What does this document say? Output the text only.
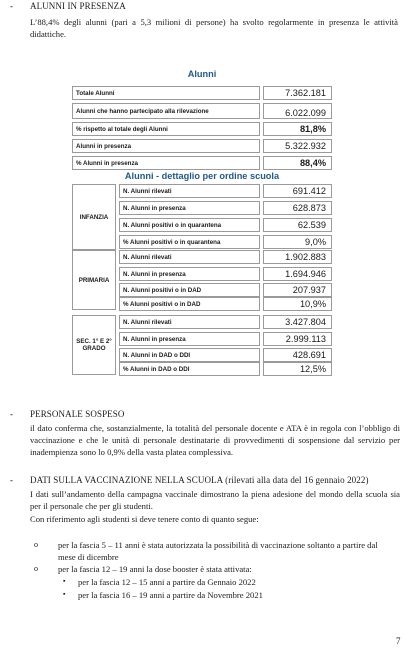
- ALUNNI IN PRESENZA
L’88,4% degli alunni (pari a 5,3 milioni di persone) ha svolto regolarmente in presenza le attività didattiche.
Alunni
Totale Alunni	7.362.181
Alunni che hanno partecipato alla rilevazione	6.022.099
% rispetto al totale degli Alunni	81,8%
Alunni in presenza	5.322.932
% Alunni in presenza	88,4%
Alunni - dettaglio per ordine scuola
INFANZIA
N. Alunni rilevati	691.412
N. Alunni in presenza	628.873
N. Alunni positivi o in quarantena	62.539
% Alunni positivi o in quarantena	9,0%
PRIMARIA
N. Alunni rilevati	1.902.883
N. Alunni in presenza	1.694.946
N. Alunni positivi o in DAD	207.937
% Alunni positivi o in DAD	10,9%
SEC. 1° E 2° GRADO
N. Alunni rilevati	3.427.804
N. Alunni in presenza	2.999.113
N. Alunni in DAD o DDI	428.691
% Alunni in DAD o DDI	12,5%
- PERSONALE SOSPESO
il dato conferma che, sostanzialmente, la totalità del personale docente e ATA è in regola con l’obbligo di vaccinazione e che le unità di personale destinatarie di provvedimenti di sospensione dal servizio per inadempienza sono lo 0,9% della vasta platea complessiva.
- DATI SULLA VACCINAZIONE NELLA SCUOLA (rilevati alla data del 16 gennaio 2022)
I dati sull’andamento della campagna vaccinale dimostrano la piena adesione del mondo della scuola sia per il personale che per gli studenti.
Con riferimento agli studenti si deve tenere conto di quanto segue:
o per la fascia 5 – 11 anni è stata autorizzata la possibilità di vaccinazione soltanto a partire dal mese di dicembre
o per la fascia 12 – 19 anni la dose booster è stata attivata:
▪ per la fascia 12 – 15 anni a partire da Gennaio 2022
▪ per la fascia 16 – 19 anni a partire da Novembre 2021
7
